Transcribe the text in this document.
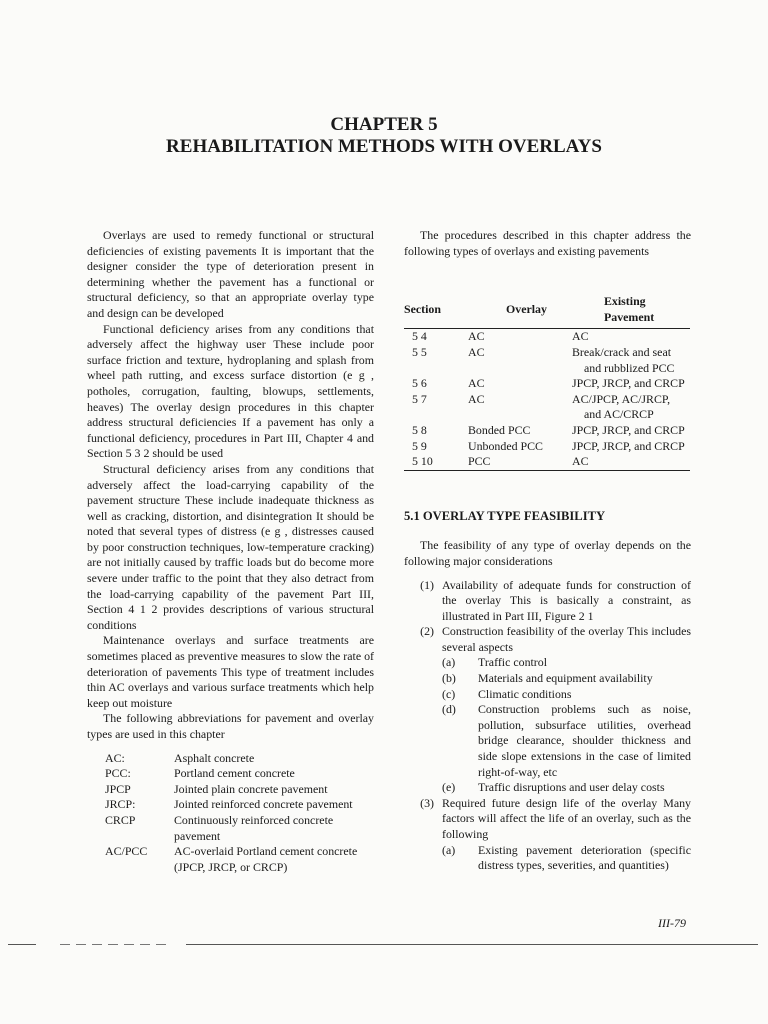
CHAPTER 5
REHABILITATION METHODS WITH OVERLAYS

Overlays are used to remedy functional or structural deficiencies of existing pavements It is important that the designer consider the type of deterioration present in determining whether the pavement has a functional or structural deficiency, so that an appropriate overlay type and design can be developed

Functional deficiency arises from any conditions that adversely affect the highway user These include poor surface friction and texture, hydroplaning and splash from wheel path rutting, and excess surface distortion (e g , potholes, corrugation, faulting, blowups, settlements, heaves) The overlay design procedures in this chapter address structural deficiencies If a pavement has only a functional deficiency, procedures in Part III, Chapter 4 and Section 5 3 2 should be used

Structural deficiency arises from any conditions that adversely affect the load-carrying capability of the pavement structure These include inadequate thickness as well as cracking, distortion, and disintegration It should be noted that several types of distress (e g , distresses caused by poor construction techniques, low-temperature cracking) are not initially caused by traffic loads but do become more severe under traffic to the point that they also detract from the load-carrying capability of the pavement Part III, Section 4 1 2 provides descriptions of various structural conditions

Maintenance overlays and surface treatments are sometimes placed as preventive measures to slow the rate of deterioration of pavements This type of treatment includes thin AC overlays and various surface treatments which help keep out moisture

The following abbreviations for pavement and overlay types are used in this chapter

AC:	Asphalt concrete
PCC:	Portland cement concrete
JPCP	Jointed plain concrete pavement
JRCP:	Jointed reinforced concrete pavement
CRCP	Continuously reinforced concrete pavement
AC/PCC	AC-overlaid Portland cement concrete (JPCP, JRCP, or CRCP)

The procedures described in this chapter address the following types of overlays and existing pavements

Section	Overlay	Existing Pavement
5 4	AC	AC

5 5	AC	Break/crack and seat
and rubblized PCC

5 6	AC	JPCP, JRCP, and CRCP

5 7	AC	AC/JPCP, AC/JRCP,
and AC/CRCP

5 8	Bonded PCC	JPCP, JRCP, and CRCP

5 9	Unbonded PCC	JPCP, JRCP, and CRCP

5 10	PCC	AC

5.1 OVERLAY TYPE FEASIBILITY

The feasibility of any type of overlay depends on the following major considerations

(1) Availability of adequate funds for construction of the overlay This is basically a constraint, as illustrated in Part III, Figure 2 1
(2) Construction feasibility of the overlay This includes several aspects
(a)	Traffic control
(b)	Materials and equipment availability
(c)	Climatic conditions
(d)	Construction problems such as noise, pollution, subsurface utilities, overhead bridge clearance, shoulder thickness and side slope extensions in the case of limited right-of-way, etc
(e)	Traffic disruptions and user delay costs
(3) Required future design life of the overlay Many factors will affect the life of an overlay, such as the following
(a)	Existing pavement deterioration (specific distress types, severities, and quantities)
III-79
